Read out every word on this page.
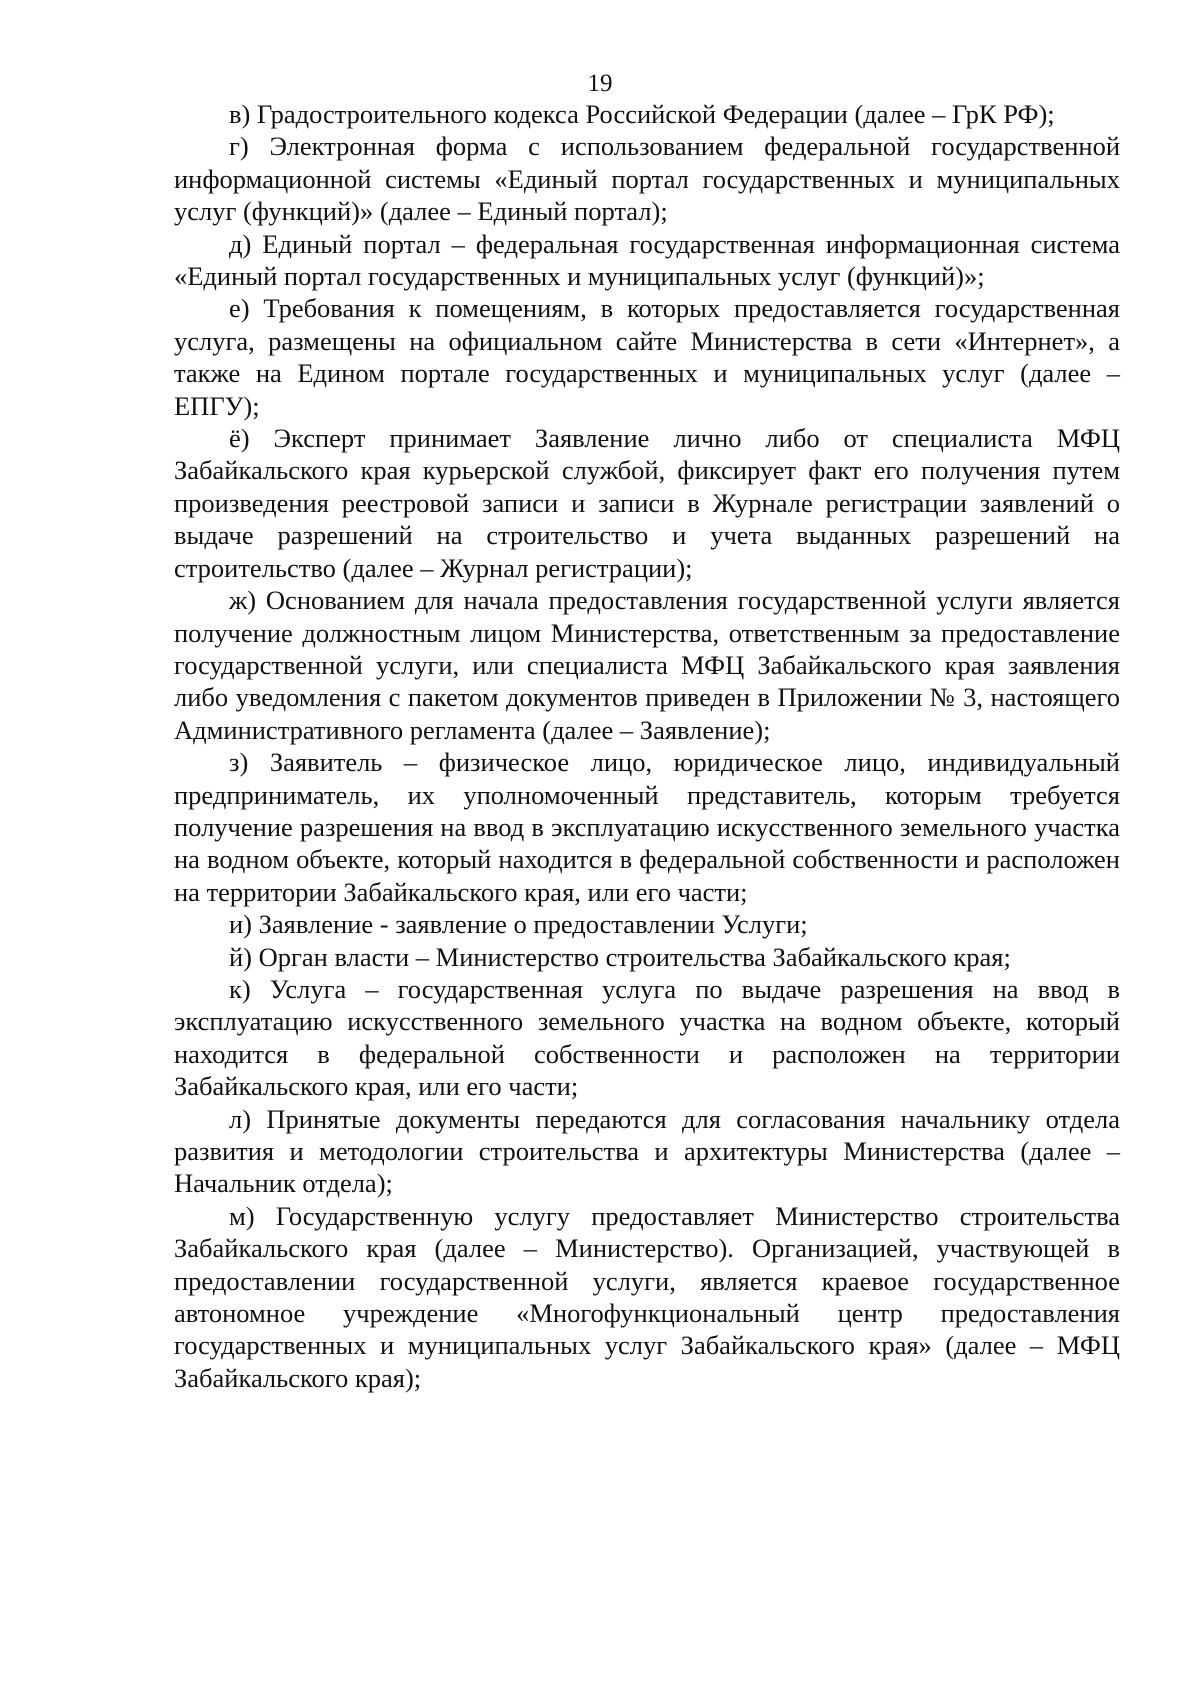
19

в) Градостроительного кодекса Российской Федерации (далее – ГрК РФ);

г) Электронная форма с использованием федеральной государственной информационной системы «Единый портал государственных и муниципальных услуг (функций)» (далее – Единый портал);

д) Единый портал – федеральная государственная информационная система «Единый портал государственных и муниципальных услуг (функций)»;

е) Требования к помещениям, в которых предоставляется государственная услуга, размещены на официальном сайте Министерства в сети «Интернет», а также на Едином портале государственных и муниципальных услуг (далее – ЕПГУ);

ё) Эксперт принимает Заявление лично либо от специалиста МФЦ Забайкальского края курьерской службой, фиксирует факт его получения путем произведения реестровой записи и записи в Журнале регистрации заявлений о выдаче разрешений на строительство и учета выданных разрешений на строительство (далее – Журнал регистрации);

ж) Основанием для начала предоставления государственной услуги является получение должностным лицом Министерства, ответственным за предоставление государственной услуги, или специалиста МФЦ Забайкальского края заявления либо уведомления с пакетом документов приведен в Приложении № 3, настоящего Административного регламента (далее – Заявление);

з) Заявитель – физическое лицо, юридическое лицо, индивидуальный предприниматель, их уполномоченный представитель, которым требуется получение разрешения на ввод в эксплуатацию искусственного земельного участка на водном объекте, который находится в федеральной собственности и расположен на территории Забайкальского края, или его части;

и) Заявление - заявление о предоставлении Услуги;

й) Орган власти – Министерство строительства Забайкальского края;

к) Услуга – государственная услуга по выдаче разрешения на ввод в эксплуатацию искусственного земельного участка на водном объекте, который находится в федеральной собственности и расположен на территории Забайкальского края, или его части;

л) Принятые документы передаются для согласования начальнику отдела развития и методологии строительства и архитектуры Министерства (далее – Начальник отдела);

м) Государственную услугу предоставляет Министерство строительства Забайкальского края (далее – Министерство). Организацией, участвующей в предоставлении государственной услуги, является краевое государственное автономное учреждение «Многофункциональный центр предоставления государственных и муниципальных услуг Забайкальского края» (далее – МФЦ Забайкальского края);
